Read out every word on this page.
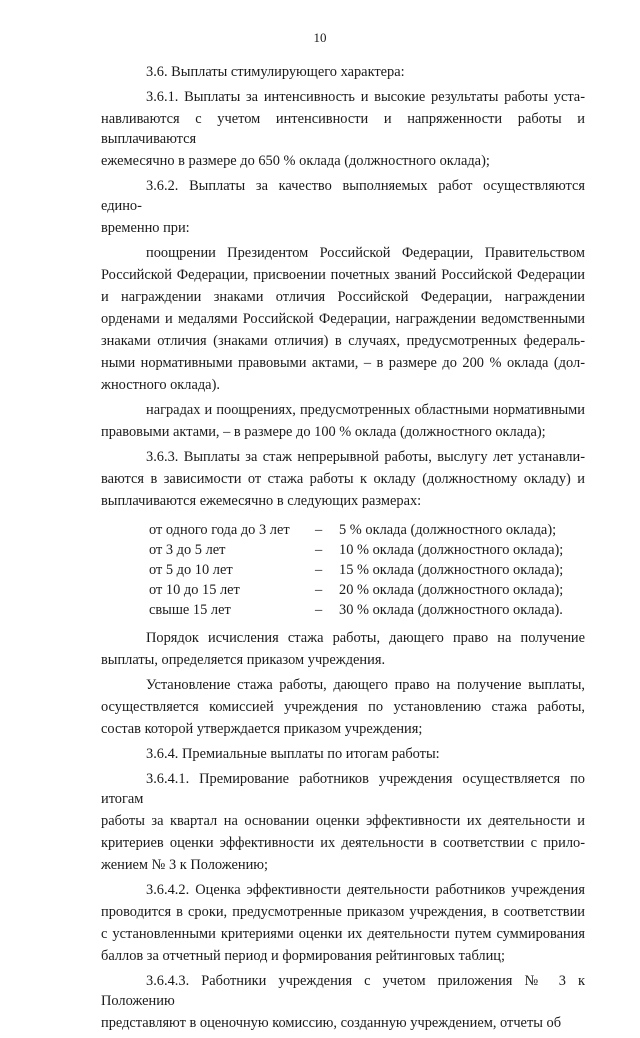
10
3.6. Выплаты стимулирующего характера:
3.6.1. Выплаты за интенсивность и высокие результаты работы уста-
навливаются с учетом интенсивности и напряженности работы и выплачиваются
ежемесячно в размере до 650 % оклада (должностного оклада);
3.6.2. Выплаты за качество выполняемых работ осуществляются едино-
временно при:
поощрении Президентом Российской Федерации, Правительством
Российской Федерации, присвоении почетных званий Российской Федерации
и награждении знаками отличия Российской Федерации, награждении
орденами и медалями Российской Федерации, награждении ведомственными
знаками отличия (знаками отличия) в случаях, предусмотренных федераль-
ными нормативными правовыми актами, – в размере до 200 % оклада (дол-
жностного оклада).
наградах и поощрениях, предусмотренных областными нормативными
правовыми актами, – в размере до 100 % оклада (должностного оклада);
3.6.3. Выплаты за стаж непрерывной работы, выслугу лет устанавли-
ваются в зависимости от стажа работы к окладу (должностному окладу) и
выплачиваются ежемесячно в следующих размерах:
от одного года до 3 лет	–	5 % оклада (должностного оклада);
от 3 до 5 лет	–	10 % оклада (должностного оклада);
от 5 до 10 лет	–	15 % оклада (должностного оклада);
от 10 до 15 лет	–	20 % оклада (должностного оклада);
свыше 15 лет	–	30 % оклада (должностного оклада).
Порядок исчисления стажа работы, дающего право на получение
выплаты, определяется приказом учреждения.
Установление стажа работы, дающего право на получение выплаты,
осуществляется комиссией учреждения по установлению стажа работы,
состав которой утверждается приказом учреждения;
3.6.4. Премиальные выплаты по итогам работы:
3.6.4.1. Премирование работников учреждения осуществляется по итогам
работы за квартал на основании оценки эффективности их деятельности и
критериев оценки эффективности их деятельности в соответствии с прило-
жением № 3 к Положению;
3.6.4.2. Оценка эффективности деятельности работников учреждения
проводится в сроки, предусмотренные приказом учреждения, в соответствии
с установленными критериями оценки их деятельности путем суммирования
баллов за отчетный период и формирования рейтинговых таблиц;
3.6.4.3. Работники учреждения с учетом приложения № 3 к Положению
представляют в оценочную комиссию, созданную учреждением, отчеты об
